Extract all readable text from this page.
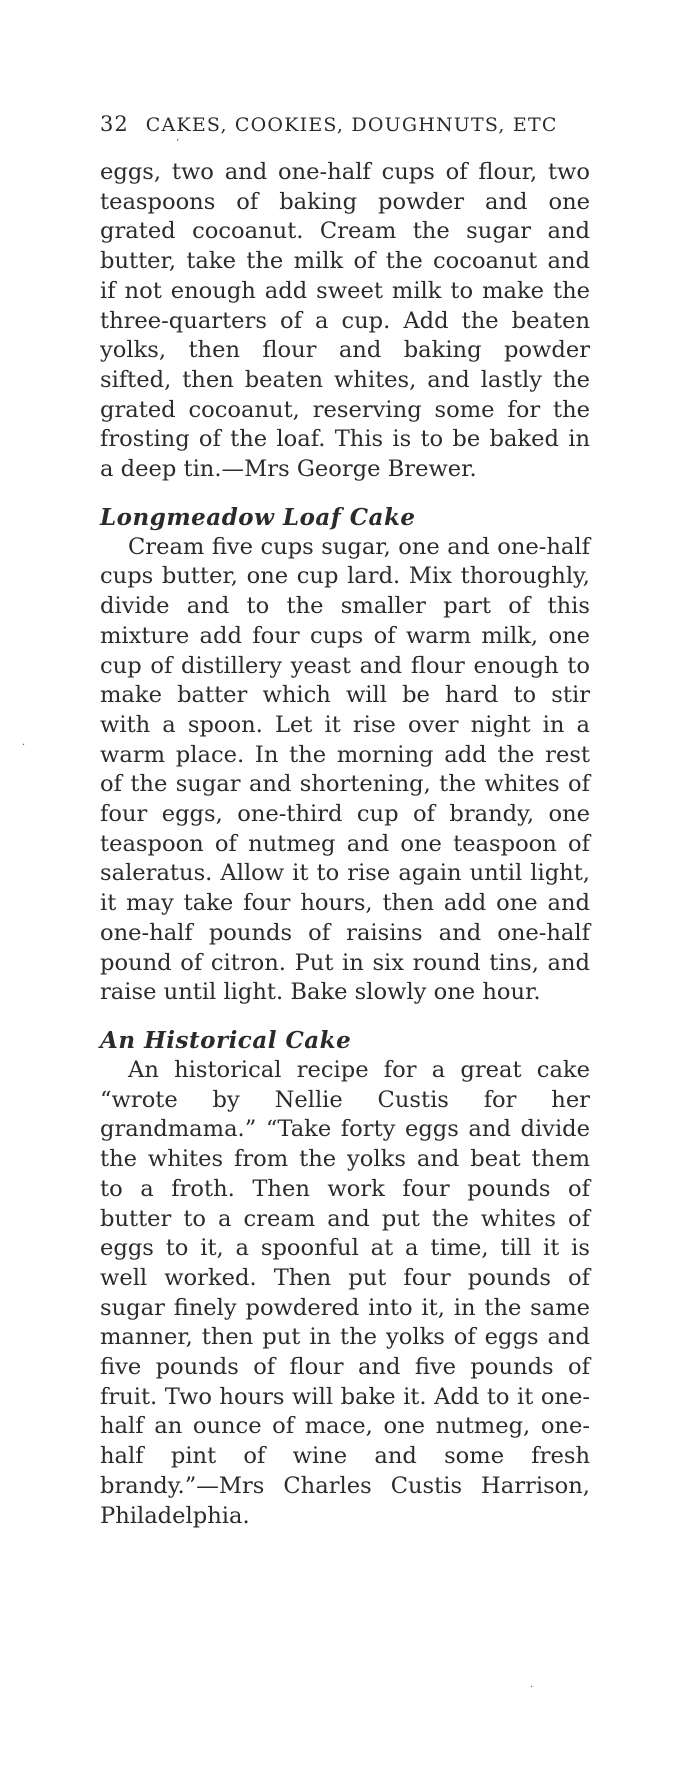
ʻ
·
·
32 CAKES, COOKIES, DOUGHNUTS, ETC

eggs, two and one-half cups of flour, two teaspoons of baking powder and one grated cocoanut. Cream the sugar and butter, take the milk of the cocoanut and if not enough add sweet milk to make the three-quarters of a cup. Add the beaten yolks, then flour and baking powder sifted, then beaten whites, and lastly the grated cocoanut, reserving some for the frosting of the loaf. This is to be baked in a deep tin.—Mrs George Brewer.

Longmeadow Loaf Cake

Cream five cups sugar, one and one-half cups butter, one cup lard. Mix thoroughly, divide and to the smaller part of this mixture add four cups of warm milk, one cup of distillery yeast and flour enough to make batter which will be hard to stir with a spoon. Let it rise over night in a warm place. In the morning add the rest of the sugar and shortening, the whites of four eggs, one-third cup of brandy, one teaspoon of nutmeg and one teaspoon of saleratus. Allow it to rise again until light, it may take four hours, then add one and one-half pounds of raisins and one-half pound of citron. Put in six round tins, and raise until light. Bake slowly one hour.

An Historical Cake

An historical recipe for a great cake “wrote by Nellie Custis for her grandmama.” “Take forty eggs and divide the whites from the yolks and beat them to a froth. Then work four pounds of butter to a cream and put the whites of eggs to it, a spoonful at a time, till it is well worked. Then put four pounds of sugar finely powdered into it, in the same manner, then put in the yolks of eggs and five pounds of flour and five pounds of fruit. Two hours will bake it. Add to it one-half an ounce of mace, one nutmeg, one-half pint of wine and some fresh brandy.”—Mrs Charles Custis Harrison, Philadelphia.
